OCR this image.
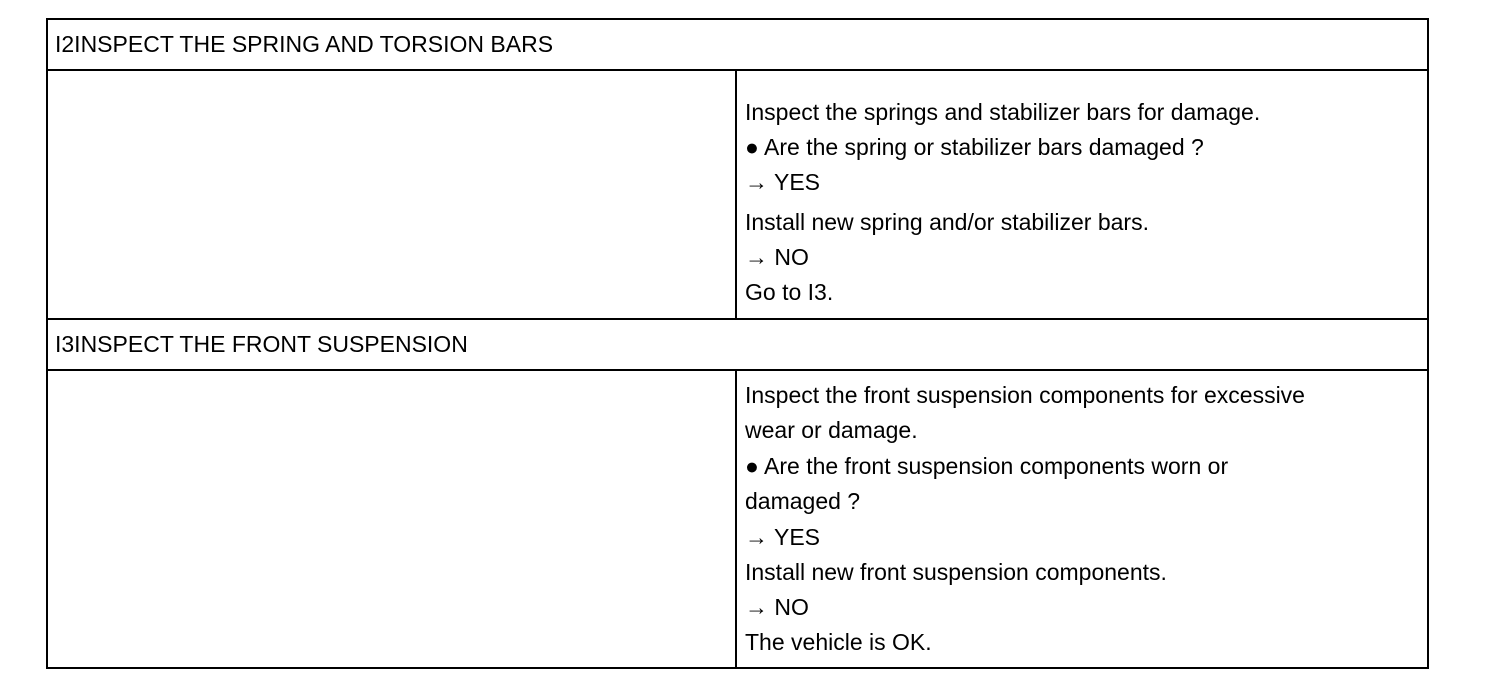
I2INSPECT THE SPRING AND TORSION BARS
Inspect the springs and stabilizer bars for damage.
● Are the spring or stabilizer bars damaged ?
→ YES
Install new spring and/or stabilizer bars.
→ NO
Go to I3.
I3INSPECT THE FRONT SUSPENSION
Inspect the front suspension components for excessive
wear or damage.
● Are the front suspension components worn or
damaged ?
→ YES
Install new front suspension components.
→ NO
The vehicle is OK.
